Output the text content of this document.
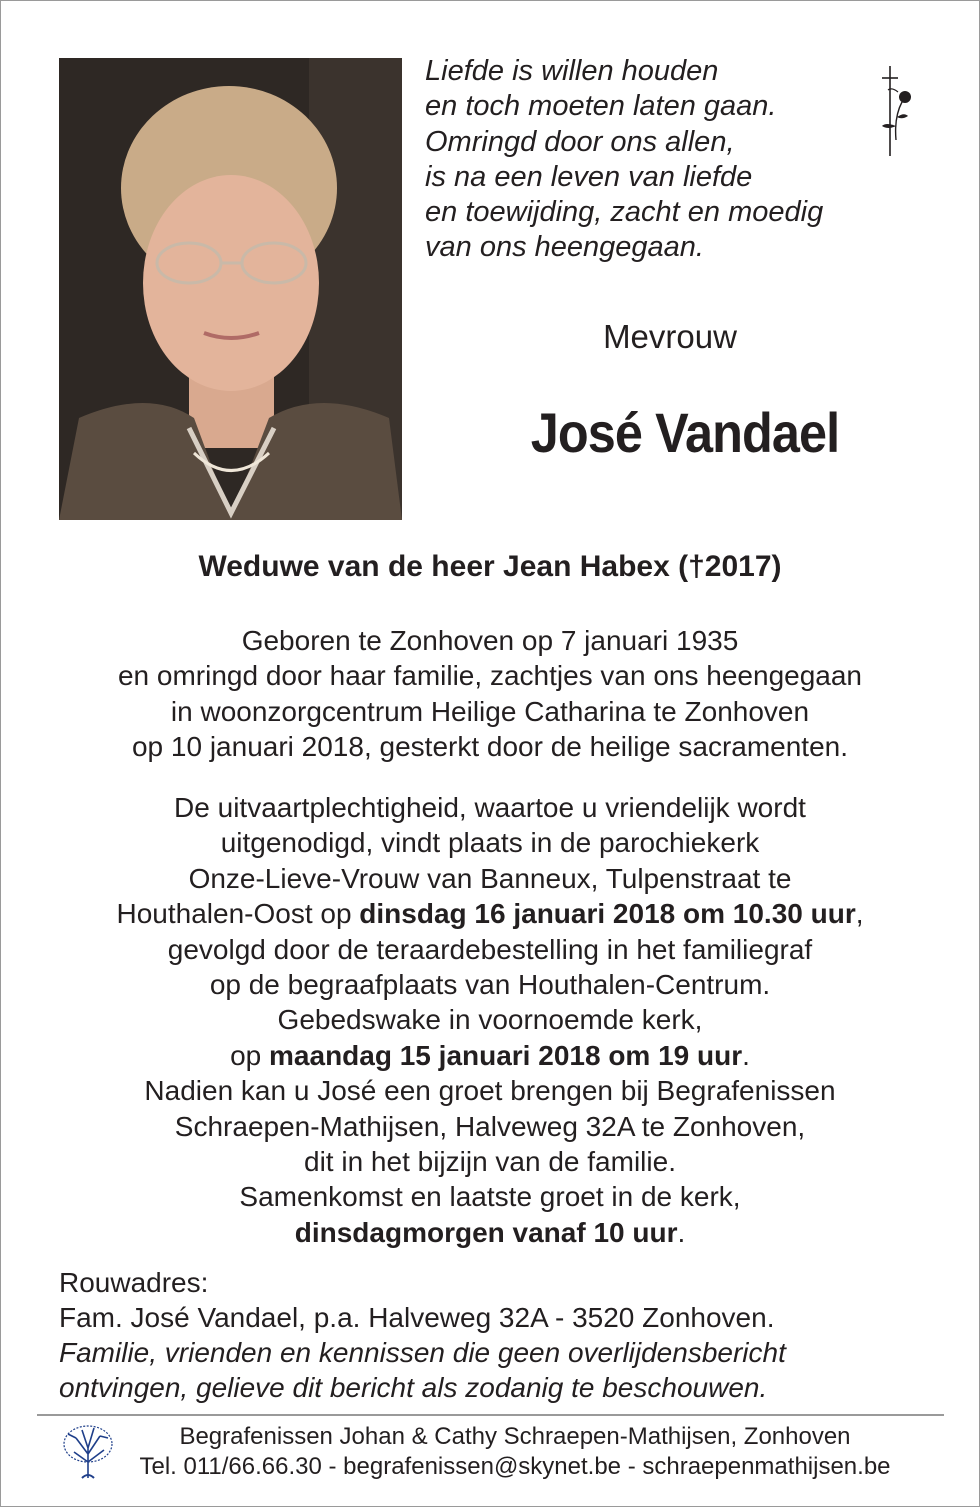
Liefde is willen houden
en toch moeten laten gaan.
Omringd door ons allen,
is na een leven van liefde
en toewijding, zacht en moedig
van ons heengegaan.
Mevrouw
José Vandael
Weduwe van de heer Jean Habex (†2017)
Geboren te Zonhoven op 7 januari 1935
en omringd door haar familie, zachtjes van ons heengegaan
in woonzorgcentrum Heilige Catharina te Zonhoven
op 10 januari 2018, gesterkt door de heilige sacramenten.
De uitvaartplechtigheid, waartoe u vriendelijk wordt
uitgenodigd, vindt plaats in de parochiekerk
Onze-Lieve-Vrouw van Banneux, Tulpenstraat te
Houthalen-Oost op dinsdag 16 januari 2018 om 10.30 uur,
gevolgd door de teraardebestelling in het familiegraf
op de begraafplaats van Houthalen-Centrum.
Gebedswake in voornoemde kerk,
op maandag 15 januari 2018 om 19 uur.
Nadien kan u José een groet brengen bij Begrafenissen
Schraepen-Mathijsen, Halveweg 32A te Zonhoven,
dit in het bijzijn van de familie.
Samenkomst en laatste groet in de kerk,
dinsdagmorgen vanaf 10 uur.
Rouwadres:
Fam. José Vandael, p.a. Halveweg 32A - 3520 Zonhoven.
Familie, vrienden en kennissen die geen overlijdensbericht
ontvingen, gelieve dit bericht als zodanig te beschouwen.
Begrafenissen Johan & Cathy Schraepen-Mathijsen, Zonhoven
Tel. 011/66.66.30 - begrafenissen@skynet.be - schraepenmathijsen.be
